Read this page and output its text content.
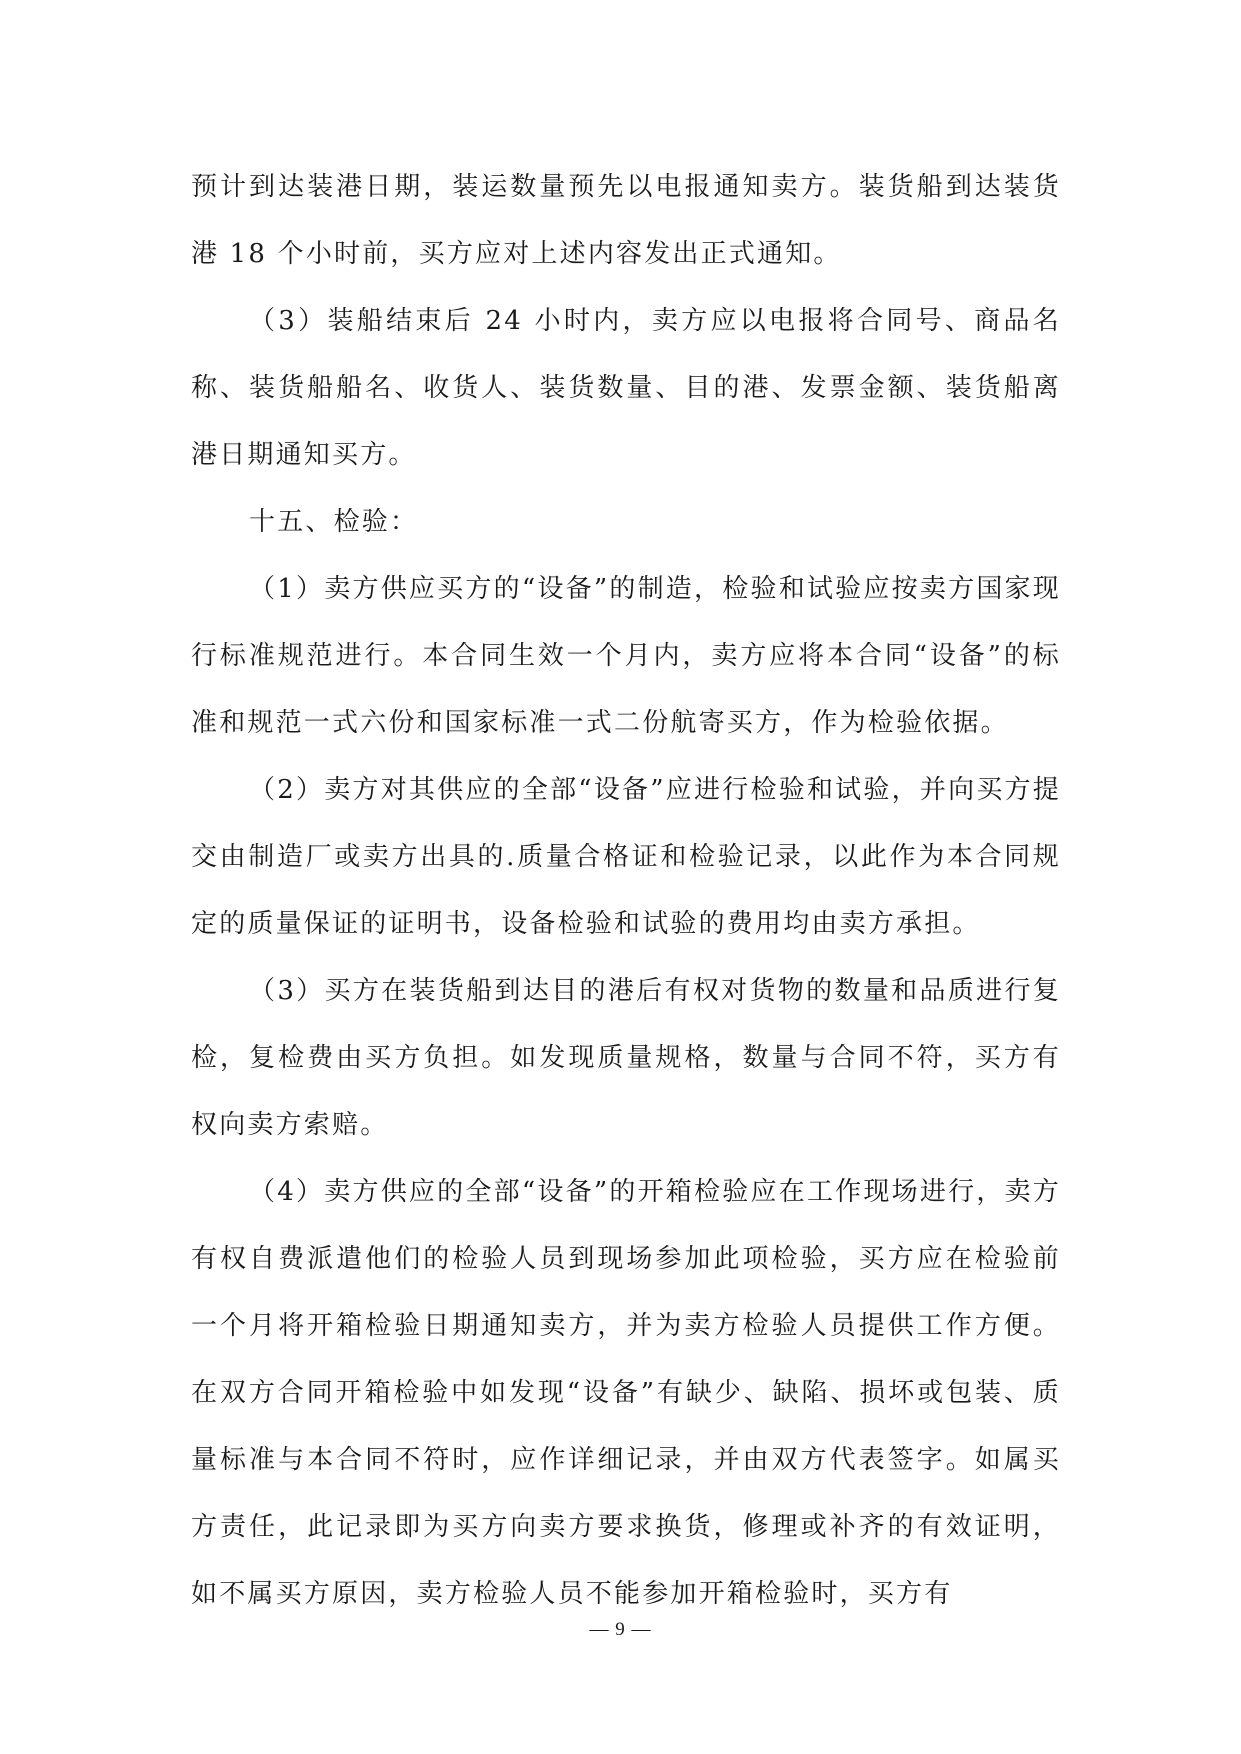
预计到达装港日期，装运数量预先以电报通知卖方。装货船到达装货港 18 个小时前，买方应对上述内容发出正式通知。

（3）装船结束后 24 小时内，卖方应以电报将合同号、商品名称、装货船船名、收货人、装货数量、目的港、发票金额、装货船离港日期通知买方。

十五、检验：

（1）卖方供应买方的“设备”的制造，检验和试验应按卖方国家现行标准规范进行。本合同生效一个月内，卖方应将本合同“设备”的标准和规范一式六份和国家标准一式二份航寄买方，作为检验依据。

（2）卖方对其供应的全部“设备”应进行检验和试验，并向买方提交由制造厂或卖方出具的.质量合格证和检验记录，以此作为本合同规定的质量保证的证明书，设备检验和试验的费用均由卖方承担。

（3）买方在装货船到达目的港后有权对货物的数量和品质进行复检，复检费由买方负担。如发现质量规格，数量与合同不符，买方有权向卖方索赔。

（4）卖方供应的全部“设备”的开箱检验应在工作现场进行，卖方有权自费派遣他们的检验人员到现场参加此项检验，买方应在检验前一个月将开箱检验日期通知卖方，并为卖方检验人员提供工作方便。在双方合同开箱检验中如发现“设备”有缺少、缺陷、损坏或包装、质量标准与本合同不符时，应作详细记录，并由双方代表签字。如属买方责任，此记录即为买方向卖方要求换货，修理或补齐的有效证明，如不属买方原因，卖方检验人员不能参加开箱检验时，买方有

— 9 —
